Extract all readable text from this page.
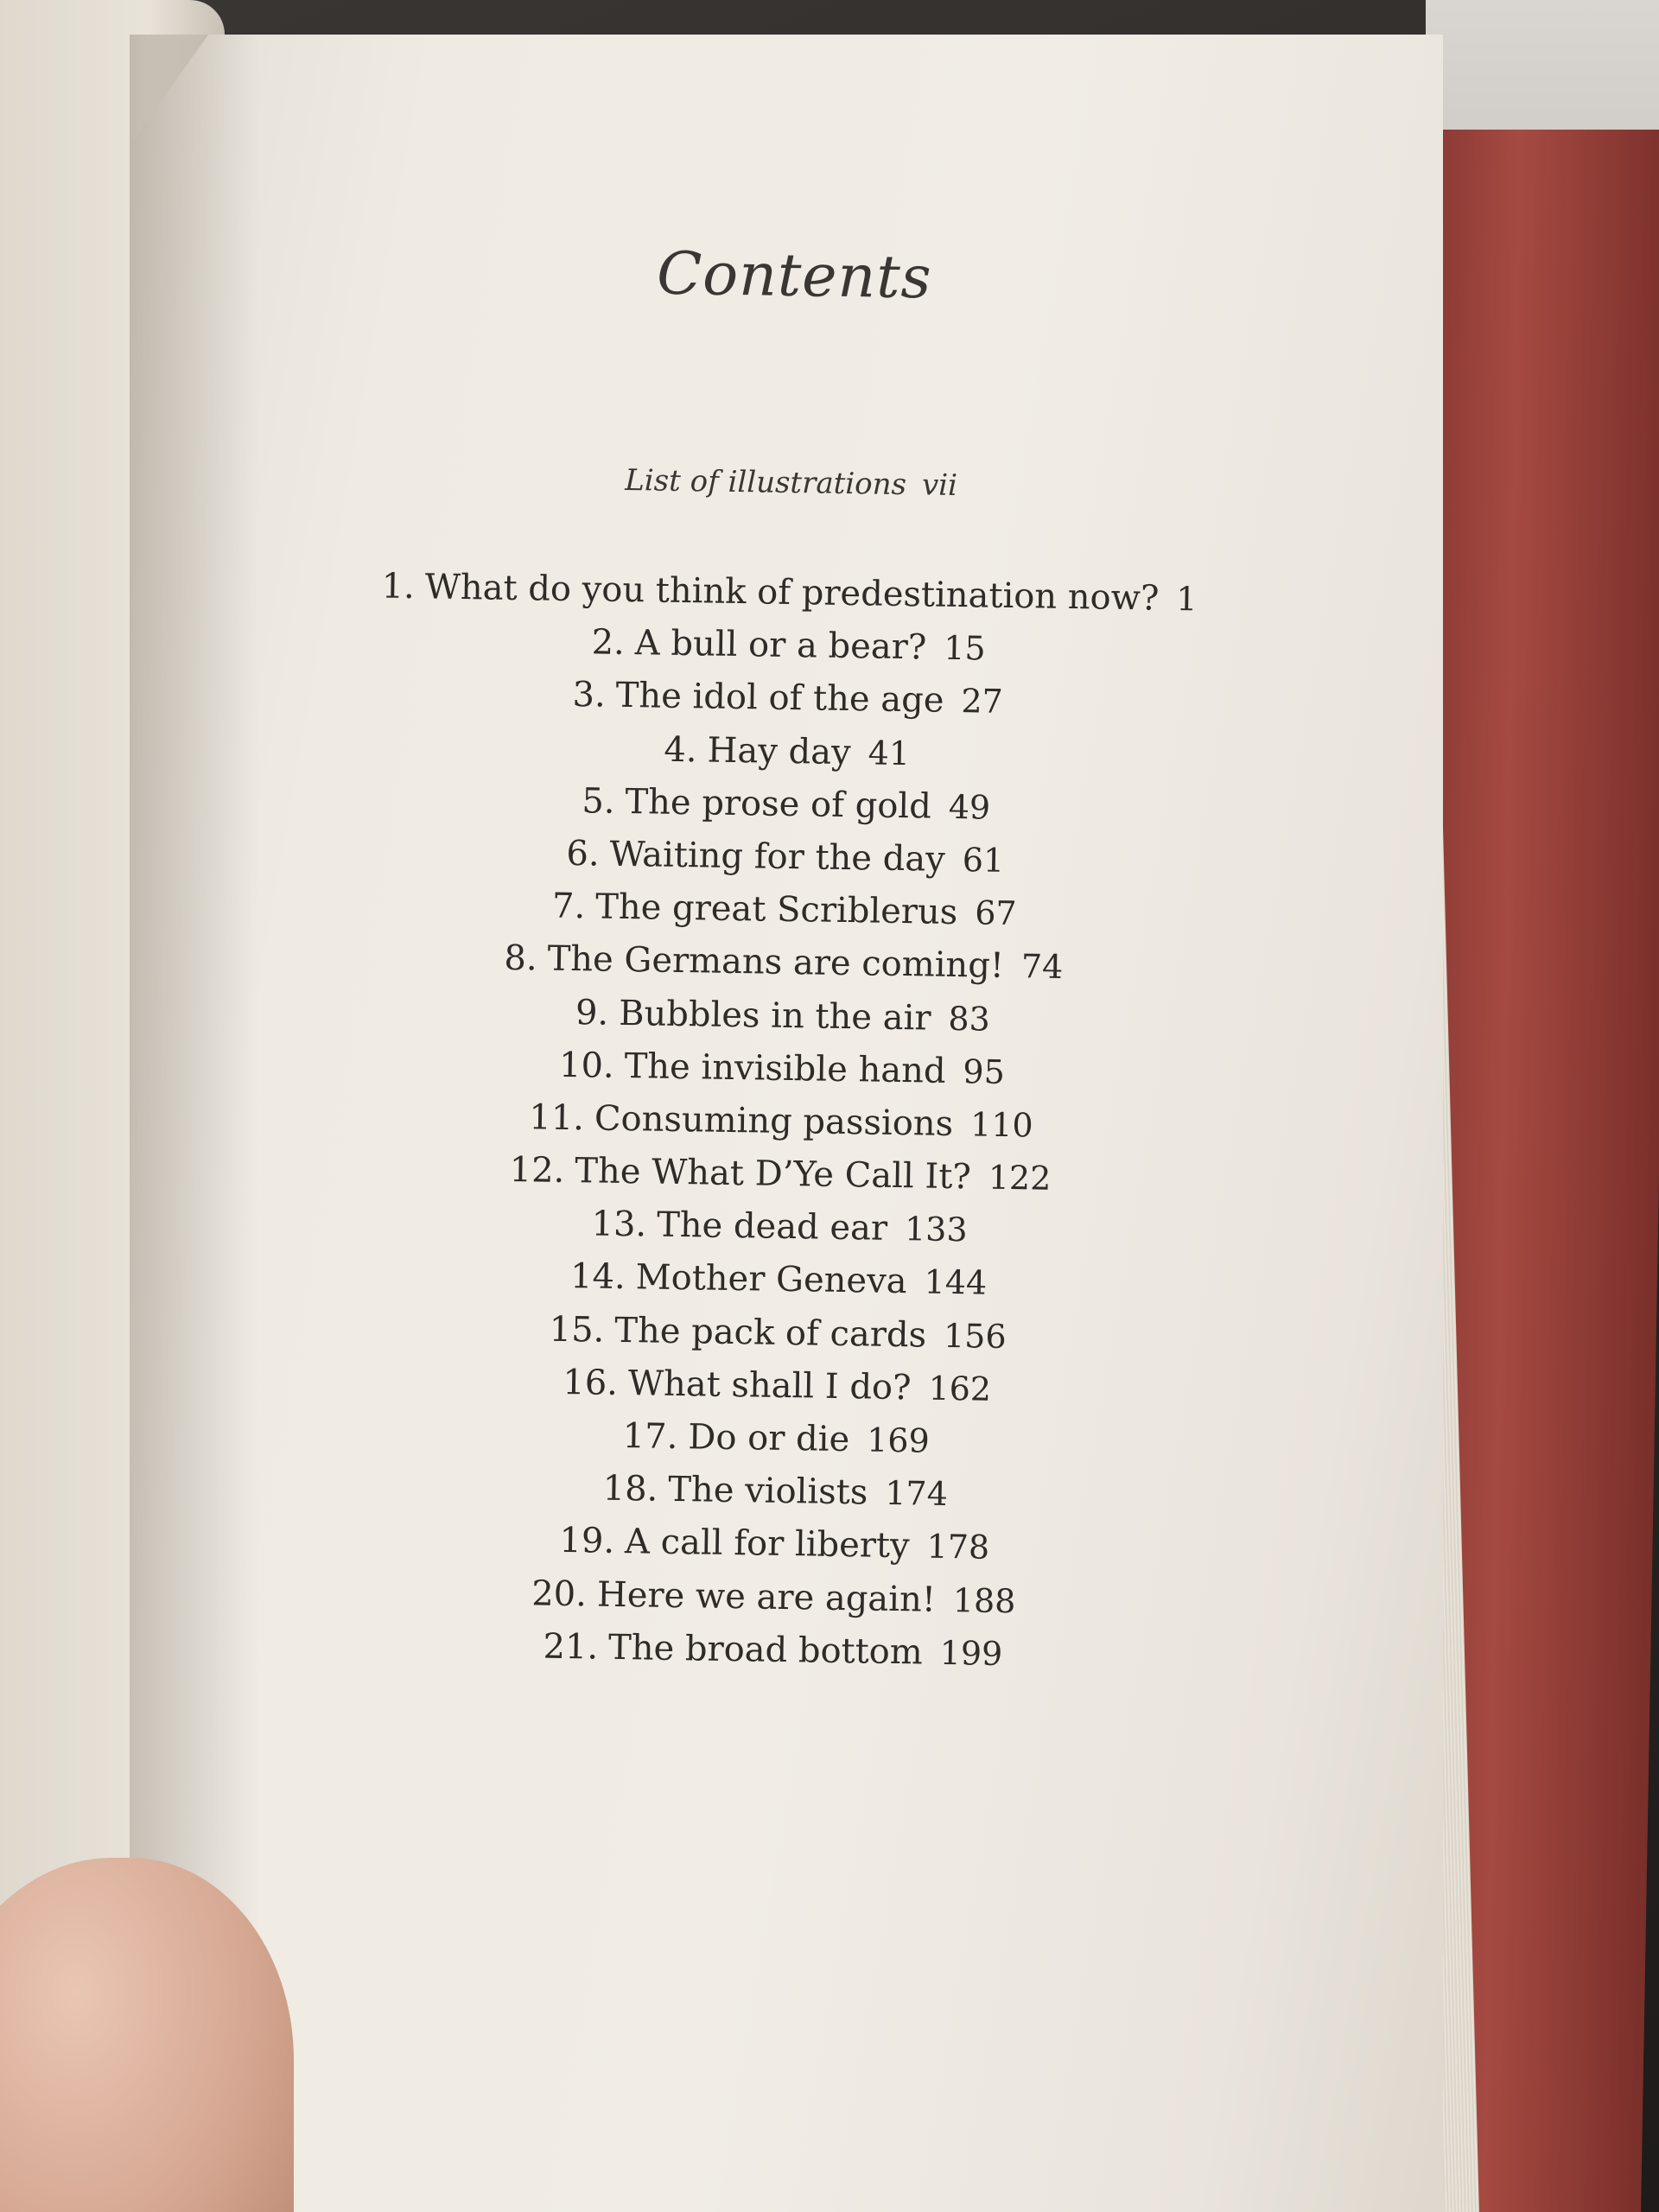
Contents
List of illustrations vii
1. What do you think of predestination now? 1
2. A bull or a bear? 15
3. The idol of the age 27
4. Hay day 41
5. The prose of gold 49
6. Waiting for the day 61
7. The great Scriblerus 67
8. The Germans are coming! 74
9. Bubbles in the air 83
10. The invisible hand 95
11. Consuming passions 110
12. The What D’Ye Call It? 122
13. The dead ear 133
14. Mother Geneva 144
15. The pack of cards 156
16. What shall I do? 162
17. Do or die 169
18. The violists 174
19. A call for liberty 178
20. Here we are again! 188
21. The broad bottom 199
